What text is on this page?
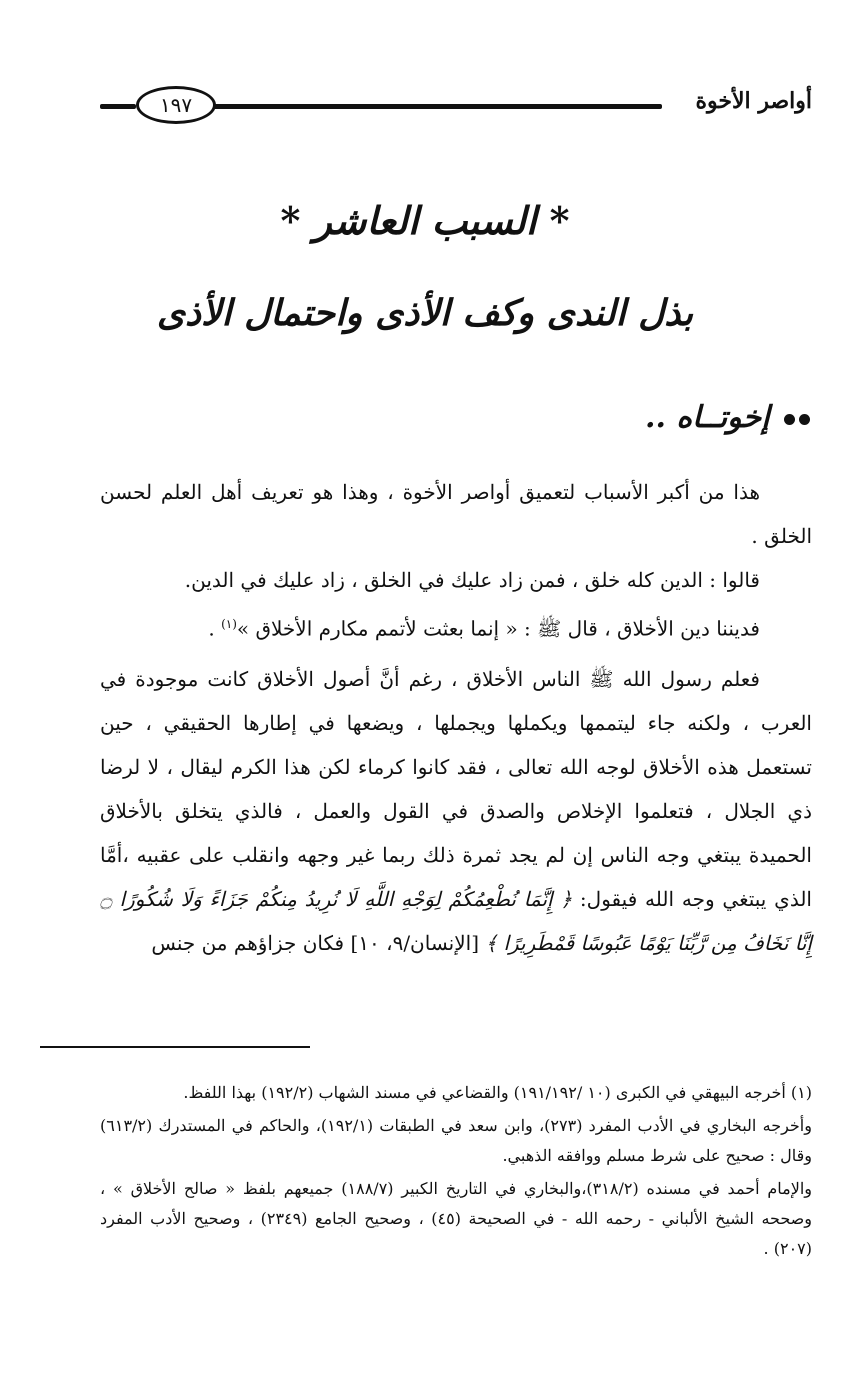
أواصر الأخوة
١٩٧
* السبب العاشر *
بذل الندى وكف الأذى واحتمال الأذى
إخوتــاه ..

هذا من أكبر الأسباب لتعميق أواصر الأخوة ، وهذا هو تعريف أهل العلم لحسن الخلق .

قالوا : الدين كله خلق ، فمن زاد عليك في الخلق ، زاد عليك في الدين.

فديننا دين الأخلاق ، قال ﷺ : « إنما بعثت لأتمم مكارم الأخلاق »$^{(١)}$ .

فعلم رسول الله ﷺ الناس الأخلاق ، رغم أنَّ أصول الأخلاق كانت موجودة في العرب ، ولكنه جاء ليتممها ويكملها ويجملها ، ويضعها في إطارها الحقيقي ، حين تستعمل هذه الأخلاق لوجه الله تعالى ، فقد كانوا كرماء لكن هذا الكرم ليقال ، لا لرضا ذي الجلال ، فتعلموا الإخلاص والصدق في القول والعمل ، فالذي يتخلق بالأخلاق الحميدة يبتغي وجه الناس إن لم يجد ثمرة ذلك ربما غير وجهه وانقلب على عقبيه ،أمَّا الذي يبتغي وجه الله فيقول: ﴿ إِنَّمَا نُطْعِمُكُمْ لِوَجْهِ اللَّهِ لَا نُرِيدُ مِنكُمْ جَزَاءً وَلَا شُكُورًا ۝ إِنَّا نَخَافُ مِن رَّبِّنَا يَوْمًا عَبُوسًا قَمْطَرِيرًا ﴾ [الإنسان/٩، ١٠] فكان جزاؤهم من جنس

(١) أخرجه البيهقي في الكبرى (١٠ /١٩١/١٩٢) والقضاعي في مسند الشهاب (١٩٢/٢) بهذا اللفظ.

وأخرجه البخاري في الأدب المفرد (٢٧٣)، وابن سعد في الطبقات (١٩٢/١)، والحاكم في المستدرك (٦١٣/٢) وقال : صحيح على شرط مسلم ووافقه الذهبي.

والإمام أحمد في مسنده (٣١٨/٢)،والبخاري في التاريخ الكبير (١٨٨/٧) جميعهم بلفظ « صالح الأخلاق » ، وصححه الشيخ الألباني - رحمه الله - في الصحيحة (٤٥) ، وصحيح الجامع (٢٣٤٩) ، وصحيح الأدب المفرد (٢٠٧) .
